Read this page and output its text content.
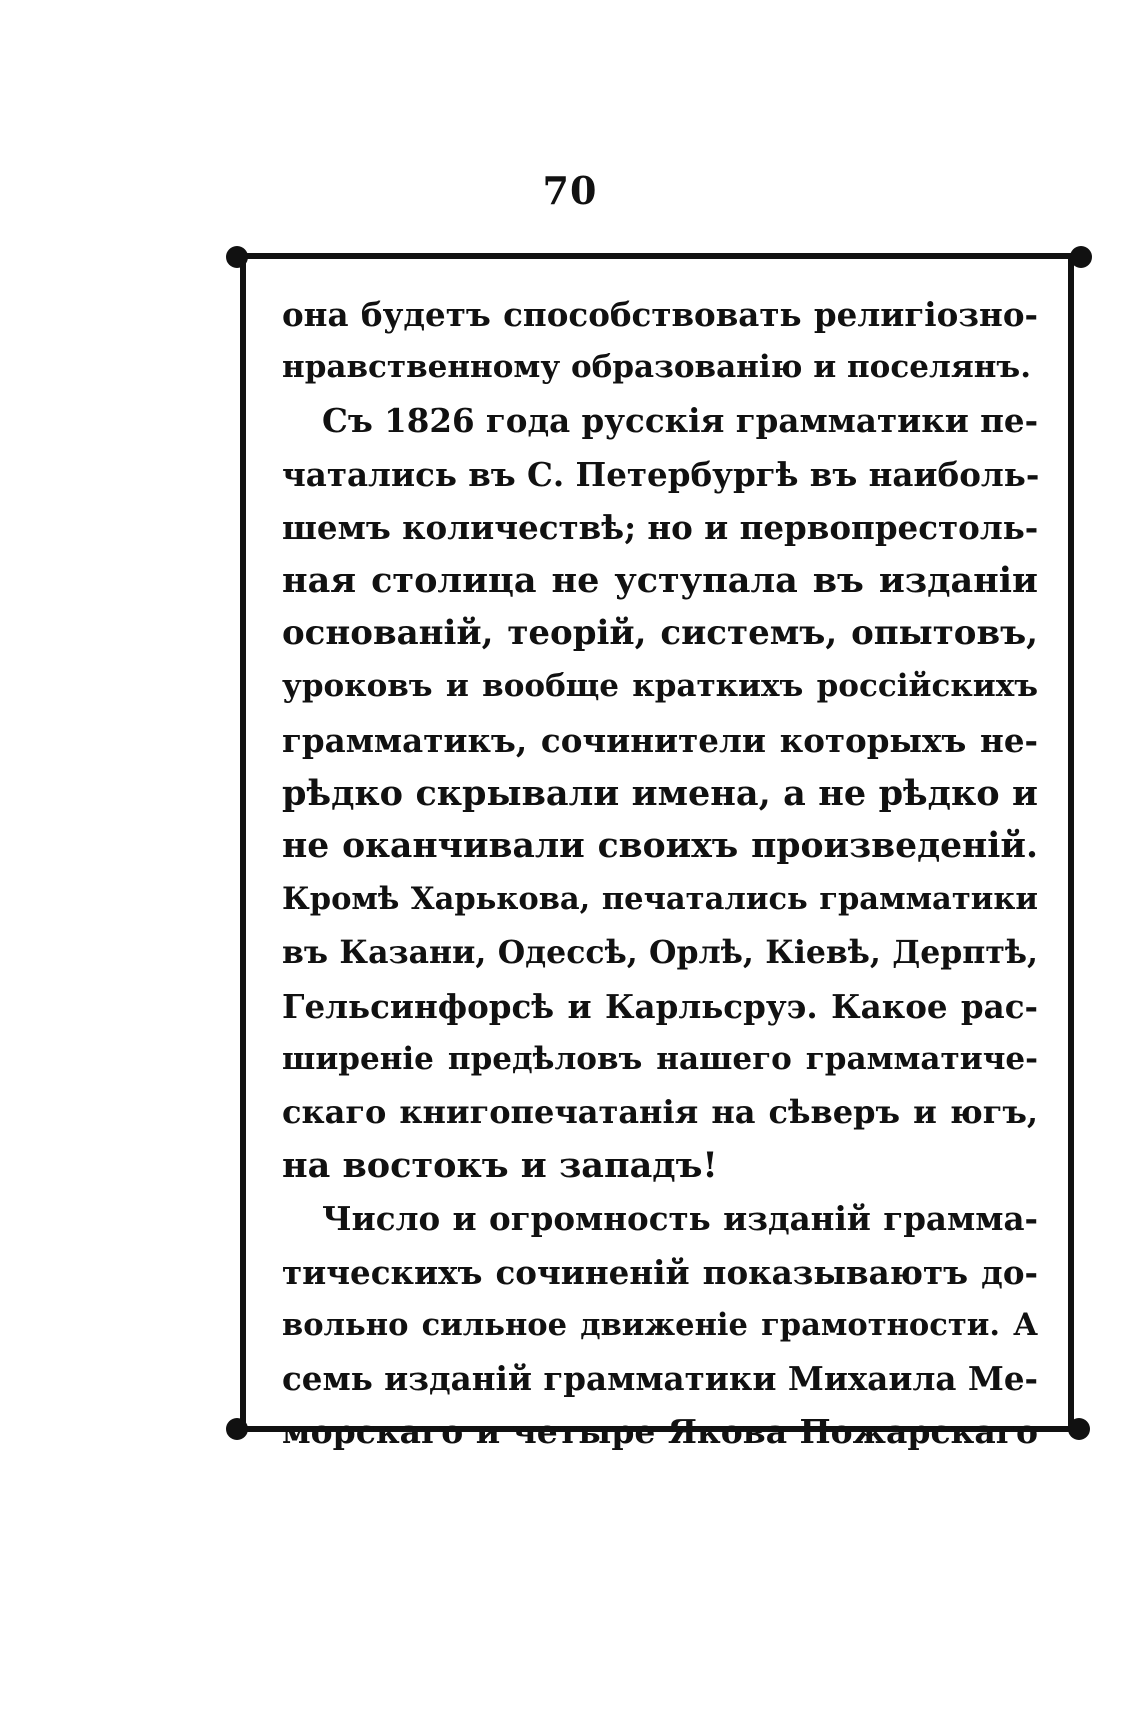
70
она будетъ способствовать религіозно-
нравственному образованію и поселянъ.
Съ 1826 года русскія грамматики пе-
чатались въ С. Петербургѣ въ наиболь-
шемъ количествѣ; но и первопрестоль-
ная столица не уступала въ изданіи
основаній, теорій, системъ, опытовъ,
уроковъ и вообще краткихъ россійскихъ
грамматикъ, сочинители которыхъ не-
рѣдко скрывали имена, а не рѣдко и
не оканчивали своихъ произведеній.
Кромѣ Харькова, печатались грамматики
въ Казани, Одессѣ, Орлѣ, Кіевѣ, Дерптѣ,
Гельсинфорсѣ и Карльсруэ. Какое рас-
ширеніе предѣловъ нашего грамматиче-
скаго книгопечатанія на сѣверъ и югъ,
на востокъ и западъ!
Число и огромность изданій грамма-
тическихъ сочиненій показываютъ до-
вольно сильное движеніе грамотности. А
семь изданій грамматики Михаила Ме-
морскаго и четыре Якова Пожарскаго
